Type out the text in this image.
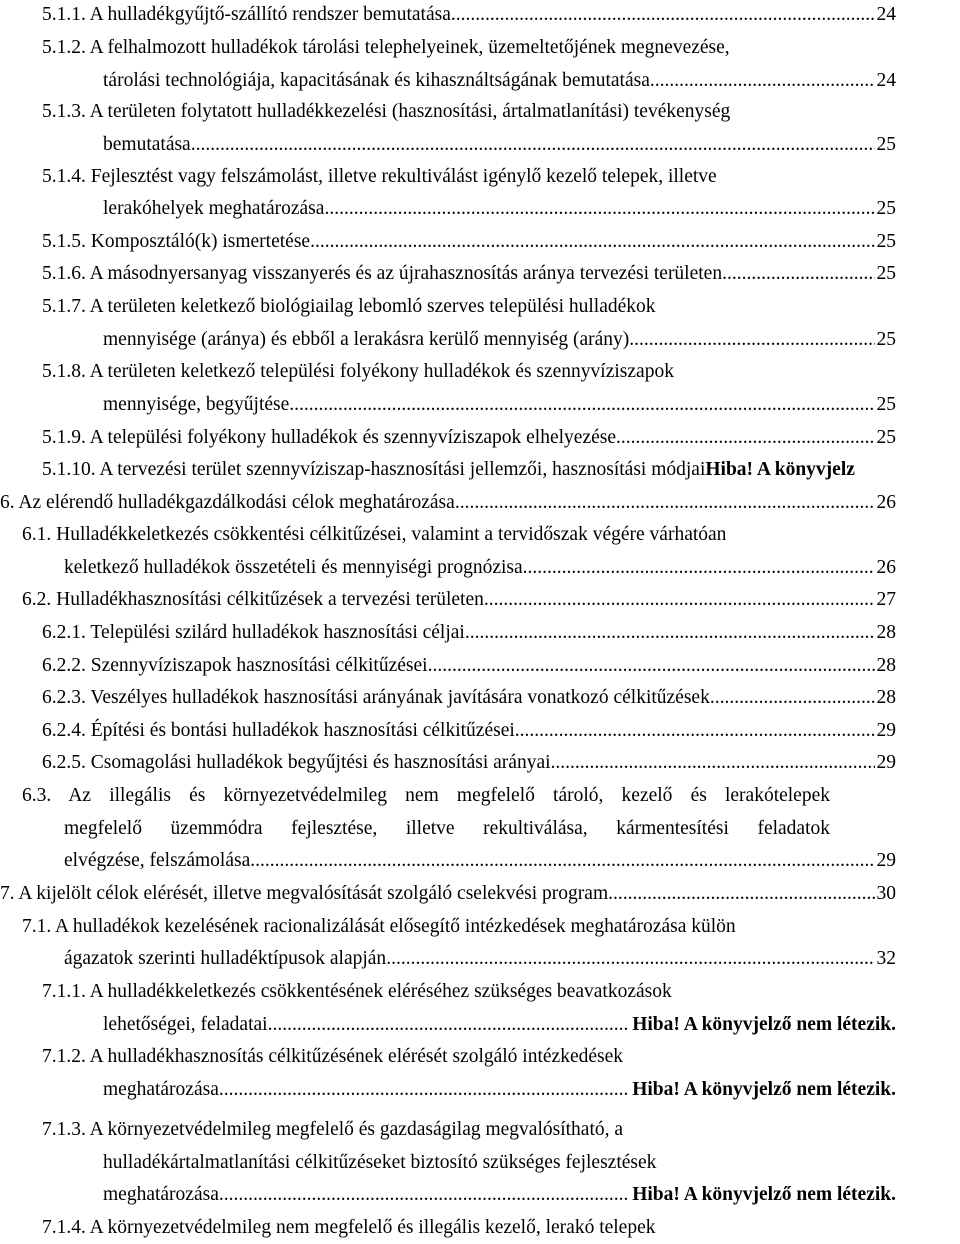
5.1.1. A hulladékgyűjtő-szállító rendszer bemutatása .....	24
5.1.2. A felhalmozott hulladékok tárolási telephelyeinek, üzemeltetőjének megnevezése,
tárolási technológiája, kapacitásának és kihasználtságának bemutatása .....	24
5.1.3. A területen folytatott hulladékkezelési (hasznosítási, ártalmatlanítási) tevékenység
bemutatása .....	25
5.1.4. Fejlesztést vagy felszámolást, illetve rekultiválást igénylő kezelő telepek, illetve
lerakóhelyek meghatározása .....	25
5.1.5. Komposztáló(k) ismertetése .....	25
5.1.6. A másodnyersanyag visszanyerés és az újrahasznosítás aránya tervezési területen .....	25
5.1.7. A területen keletkező biológiailag lebomló szerves települési hulladékok
mennyisége (aránya) és ebből a lerakásra kerülő mennyiség (arány) .....	25
5.1.8. A területen keletkező települési folyékony hulladékok és szennyvíziszapok
mennyisége, begyűjtése .....	25
5.1.9. A települési folyékony hulladékok és szennyvíziszapok elhelyezése .....	25
5.1.10. A tervezési terület szennyvíziszap-hasznosítási jellemzői, hasznosítási módjaiHiba! A könyvjelz
6. Az elérendő hulladékgazdálkodási célok meghatározása .....	26
6.1. Hulladékkeletkezés csökkentési célkitűzései, valamint a tervidőszak végére várhatóan
keletkező hulladékok összetételi és mennyiségi prognózisa .....	26
6.2. Hulladékhasznosítási célkitűzések a tervezési területen .....	27
6.2.1. Települési szilárd hulladékok hasznosítási céljai .....	28
6.2.2. Szennyvíziszapok hasznosítási célkitűzései .....	28
6.2.3. Veszélyes hulladékok hasznosítási arányának javítására vonatkozó célkitűzések .....	28
6.2.4. Építési és bontási hulladékok hasznosítási célkitűzései .....	29
6.2.5. Csomagolási hulladékok begyűjtési és hasznosítási arányai .....	29
6.3. Az illegális és környezetvédelmileg nem megfelelő tároló, kezelő és lerakótelepek
megfelelő üzemmódra fejlesztése, illetve rekultiválása, kármentesítési feladatok
elvégzése, felszámolása .....	29
7. A kijelölt célok elérését, illetve megvalósítását szolgáló cselekvési program .....	30
7.1. A hulladékok kezelésének racionalizálását elősegítő intézkedések meghatározása külön
ágazatok szerinti hulladéktípusok alapján .....	32
7.1.1. A hulladékkeletkezés csökkentésének eléréséhez szükséges beavatkozások
lehetőségei, feladatai .....	Hiba! A könyvjelző nem létezik.
7.1.2. A hulladékhasznosítás célkitűzésének elérését szolgáló intézkedések
meghatározása .....	Hiba! A könyvjelző nem létezik.
7.1.3. A környezetvédelmileg megfelelő és gazdaságilag megvalósítható, a
hulladékártalmatlanítási célkitűzéseket biztosító szükséges fejlesztések
meghatározása .....	Hiba! A könyvjelző nem létezik.
7.1.4. A környezetvédelmileg nem megfelelő és illegális kezelő, lerakó telepek
